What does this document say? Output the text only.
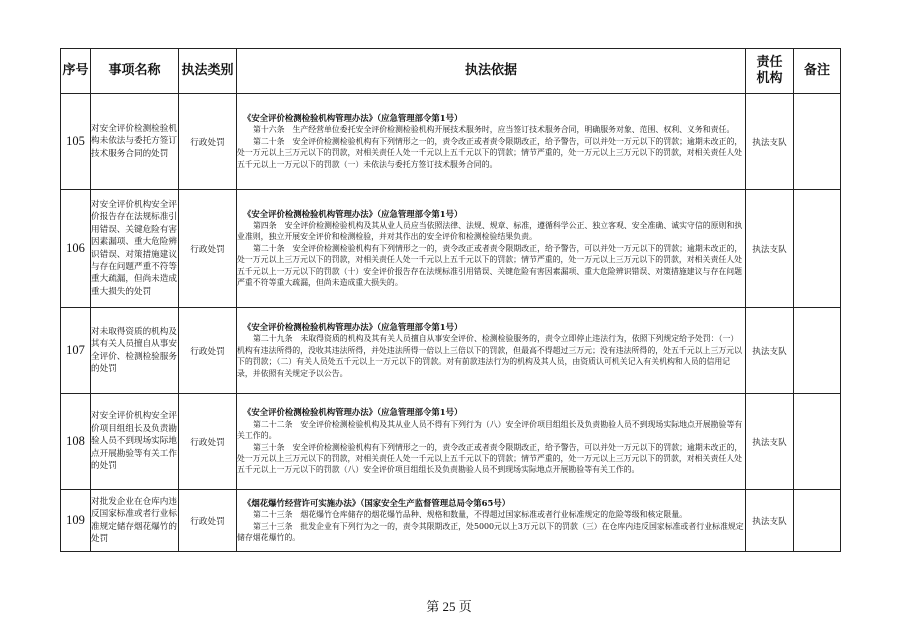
序号	事项名称	执法类别	执法依据	责任机构	备注
105	对安全评价检测检验机构未依法与委托方签订技术服务合同的处罚	行政处罚	《安全评价检测检验机构管理办法》（应急管理部令第1号）
第十六条　生产经营单位委托安全评价检测检验机构开展技术服务时，应当签订技术服务合同，明确服务对象、范围、权利、义务和责任。
第二十条　安全评价检测检验机构有下列情形之一的，责令改正或者责令限期改正，给予警告，可以并处一万元以下的罚款；逾期未改正的，处一万元以上三万元以下的罚款，对相关责任人处一千元以上五千元以下的罚款；情节严重的，处一万元以上三万元以下的罚款，对相关责任人处五千元以上一万元以下的罚款（一）未依法与委托方签订技术服务合同的。	执法支队	
106	对安全评价机构安全评价报告存在法规标准引用错误、关键危险有害因素漏项、重大危险辨识错误、对策措施建议与存在问题严重不符等重大疏漏，但尚未造成重大损失的处罚	行政处罚	《安全评价检测检验机构管理办法》（应急管理部令第1号）
第四条　安全评价检测检验机构及其从业人员应当依照法律、法规、规章、标准，遵循科学公正、独立客观、安全准确、诚实守信的原则和执业准则，独立开展安全评价和检测检验，并对其作出的安全评价和检测检验结果负责。
第二十条　安全评价检测检验机构有下列情形之一的，责令改正或者责令限期改正，给予警告，可以并处一万元以下的罚款；逾期未改正的，处一万元以上三万元以下的罚款，对相关责任人处一千元以上五千元以下的罚款；情节严重的，处一万元以上三万元以下的罚款，对相关责任人处五千元以上一万元以下的罚款（十）安全评价报告存在法规标准引用错误、关键危险有害因素漏项、重大危险辨识错误、对策措施建议与存在问题严重不符等重大疏漏，但尚未造成重大损失的。	执法支队	
107	对未取得资质的机构及其有关人员擅自从事安全评价、检测检验服务的处罚	行政处罚	《安全评价检测检验机构管理办法》（应急管理部令第1号）
第二十九条　未取得资质的机构及其有关人员擅自从事安全评价、检测检验服务的，责令立即停止违法行为，依照下列规定给予处罚：（一）机构有违法所得的，没收其违法所得，并处违法所得一倍以上三倍以下的罚款，但最高不得超过三万元；没有违法所得的，处五千元以上三万元以下的罚款；（二）有关人员处五千元以上一万元以下的罚款。对有前款违法行为的机构及其人员，由资质认可机关记入有关机构和人员的信用记录，并依照有关规定予以公告。	执法支队	
108	对安全评价机构安全评价项目组组长及负责勘验人员不到现场实际地点开展勘验等有关工作的处罚	行政处罚	《安全评价检测检验机构管理办法》（应急管理部令第1号）
第二十二条　安全评价检测检验机构及其从业人员不得有下列行为（八）安全评价项目组组长及负责勘验人员不到现场实际地点开展勘验等有关工作的。
第三十条　安全评价检测检验机构有下列情形之一的，责令改正或者责令限期改正，给予警告，可以并处一万元以下的罚款；逾期未改正的，处一万元以上三万元以下的罚款，对相关责任人处一千元以上五千元以下的罚款；情节严重的，处一万元以上三万元以下的罚款，对相关责任人处五千元以上一万元以下的罚款（八）安全评价项目组组长及负责勘验人员不到现场实际地点开展勘验等有关工作的。	执法支队	
109	对批发企业在仓库内违反国家标准或者行业标准规定储存烟花爆竹的处罚	行政处罚	《烟花爆竹经营许可实施办法》（国家安全生产监督管理总局令第65号）
第二十三条　烟花爆竹仓库储存的烟花爆竹品种、规格和数量，不得超过国家标准或者行业标准规定的危险等级和核定限量。
第三十三条　批发企业有下列行为之一的，责令其限期改正，处5000元以上3万元以下的罚款（三）在仓库内违反国家标准或者行业标准规定储存烟花爆竹的。	执法支队	
第 25 页
